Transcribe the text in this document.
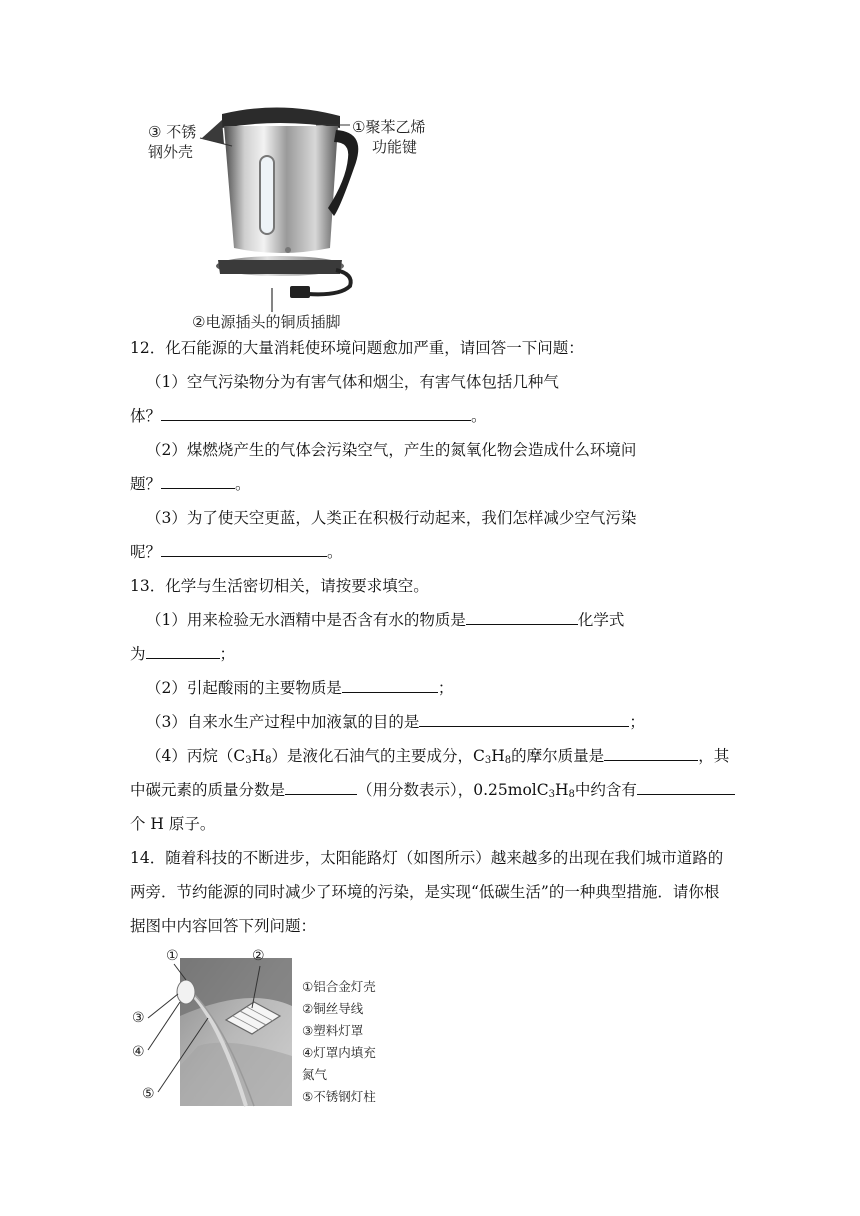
③ 不锈
钢外壳
①聚苯乙烯
功能键
②电源插头的铜质插脚
12．化石能源的大量消耗使环境问题愈加严重，请回答一下问题：
（1）空气污染物分为有害气体和烟尘，有害气体包括几种气
体？	。
（2）煤燃烧产生的气体会污染空气，产生的氮氧化物会造成什么环境问
题？	。
（3）为了使天空更蓝，人类正在积极行动起来，我们怎样减少空气污染
呢？	。
13．化学与生活密切相关，请按要求填空。
（1）用来检验无水酒精中是否含有水的物质是	化学式
为	；
（2）引起酸雨的主要物质是	；
（3）自来水生产过程中加液氯的目的是	；
（4）丙烷$(C_3H_8)$是液化石油气的主要成分，$C_3H_8$的摩尔质量是	，其
中碳元素的质量分数是	（用分数表示），$0.25molC_3H_8$中约含有
个 H 原子。
14．随着科技的不断进步，太阳能路灯（如图所示）越来越多的出现在我们城市道路的
两旁．节约能源的同时减少了环境的污染，是实现“低碳生活”的一种典型措施．请你根
据图中内容回答下列问题：
①	②
③
④
⑤
①铝合金灯壳
②铜丝导线
③塑料灯罩
④灯罩内填充
氮气
⑤不锈钢灯柱
